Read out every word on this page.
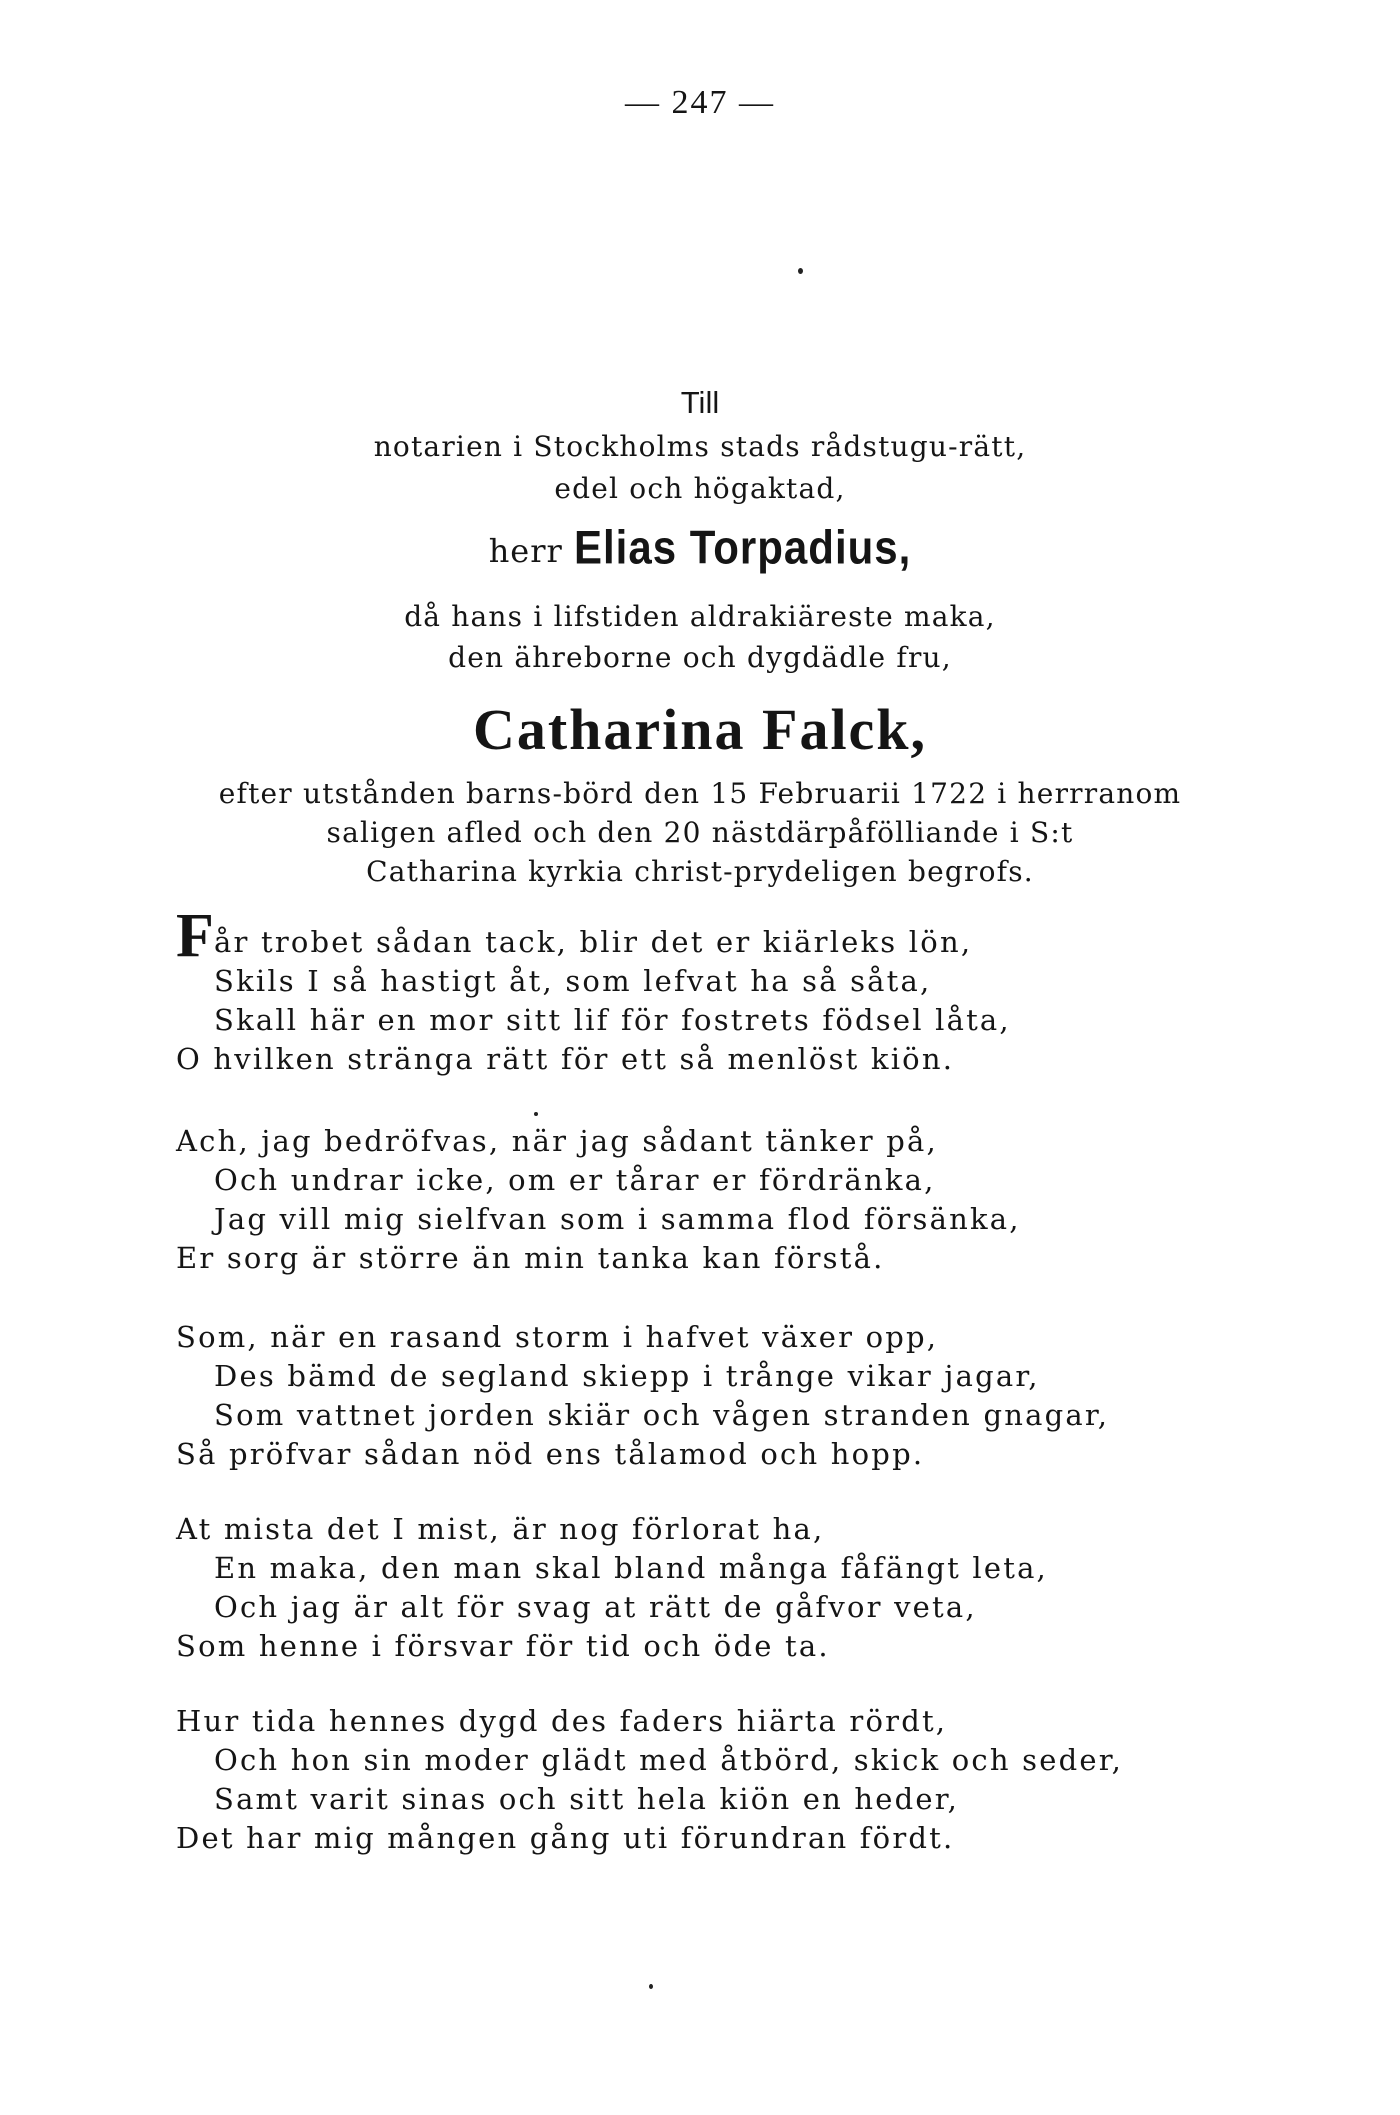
— 247 —
Till
notarien i Stockholms stads rådstugu-rätt,
edel och högaktad,
herr Elias Torpadius,
då hans i lifstiden aldrakiäreste maka,
den ähreborne och dygdädle fru,
Catharina Falck,
efter utstånden barns-börd den 15 Februarii 1722 i herrranom
saligen afled och den 20 nästdärpåfölliande i S:t
Catharina kyrkia christ-prydeligen begrofs.
F år trobet sådan tack, blir det er kiärleks lön,
Skils I så hastigt åt, som lefvat ha så såta,
Skall här en mor sitt lif för fostrets födsel låta,
O hvilken stränga rätt för ett så menlöst kiön.
Ach, jag bedröfvas, när jag sådant tänker på,
Och undrar icke, om er tårar er fördränka,
Jag vill mig sielfvan som i samma flod försänka,
Er sorg är större än min tanka kan förstå.
Som, när en rasand storm i hafvet växer opp,
Des bämd de segland skiepp i trånge vikar jagar,
Som vattnet jorden skiär och vågen stranden gnagar,
Så pröfvar sådan nöd ens tålamod och hopp.
At mista det I mist, är nog förlorat ha,
En maka, den man skal bland många fåfängt leta,
Och jag är alt för svag at rätt de gåfvor veta,
Som henne i försvar för tid och öde ta.
Hur tida hennes dygd des faders hiärta rördt,
Och hon sin moder glädt med åtbörd, skick och seder,
Samt varit sinas och sitt hela kiön en heder,
Det har mig mången gång uti förundran fördt.
